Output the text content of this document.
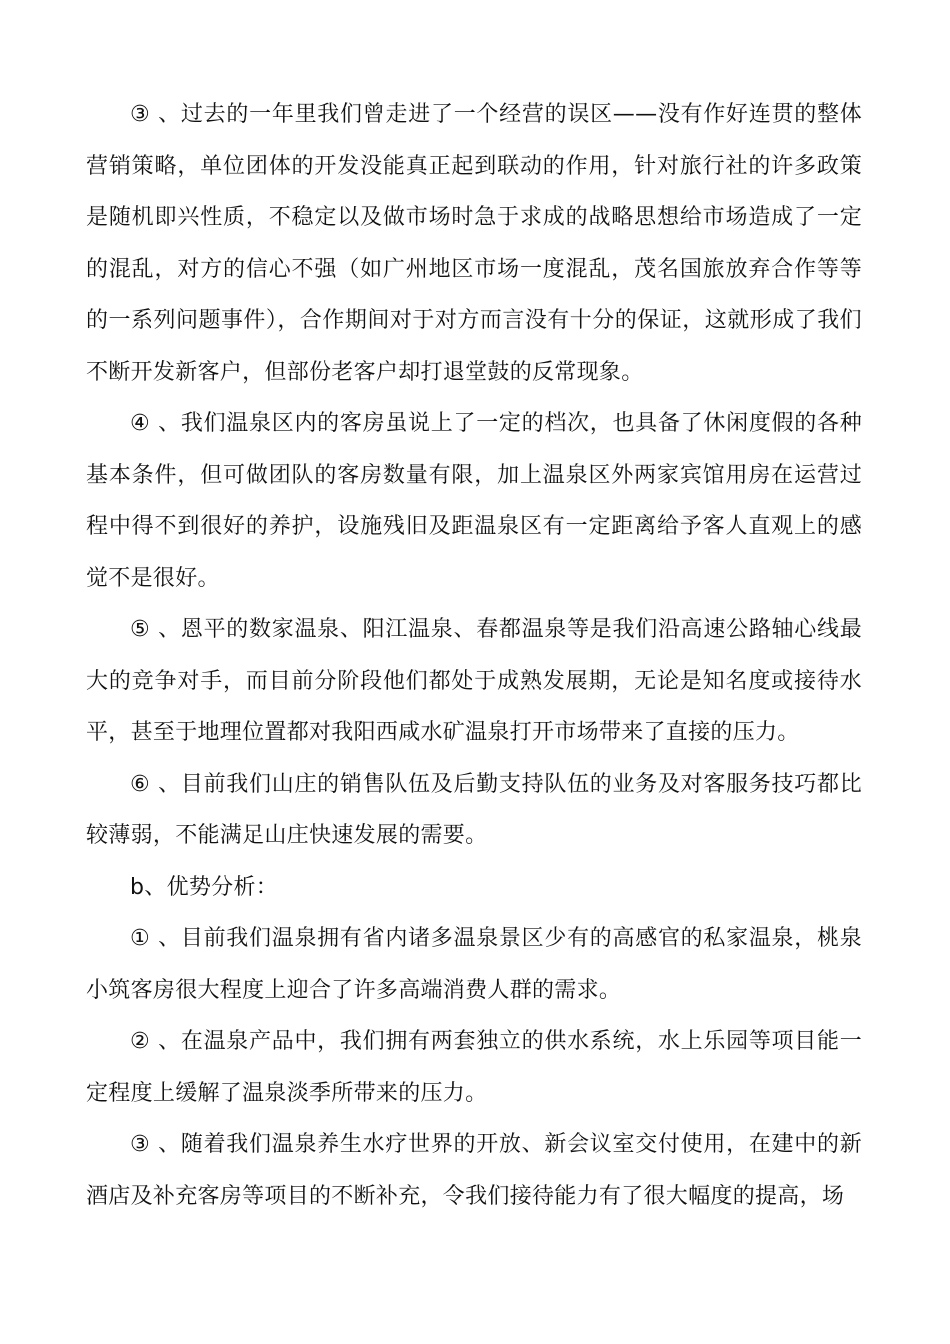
③ 、过去的一年里我们曾走进了一个经营的误区——没有作好连贯的整体营销策略，单位团体的开发没能真正起到联动的作用，针对旅行社的许多政策是随机即兴性质，不稳定以及做市场时急于求成的战略思想给市场造成了一定的混乱，对方的信心不强（如广州地区市场一度混乱，茂名国旅放弃合作等等的一系列问题事件），合作期间对于对方而言没有十分的保证，这就形成了我们不断开发新客户，但部份老客户却打退堂鼓的反常现象。

④ 、我们温泉区内的客房虽说上了一定的档次，也具备了休闲度假的各种基本条件，但可做团队的客房数量有限，加上温泉区外两家宾馆用房在运营过程中得不到很好的养护，设施残旧及距温泉区有一定距离给予客人直观上的感觉不是很好。

⑤ 、恩平的数家温泉、阳江温泉、春都温泉等是我们沿高速公路轴心线最大的竞争对手，而目前分阶段他们都处于成熟发展期，无论是知名度或接待水平，甚至于地理位置都对我阳西咸水矿温泉打开市场带来了直接的压力。

⑥ 、目前我们山庄的销售队伍及后勤支持队伍的业务及对客服务技巧都比较薄弱，不能满足山庄快速发展的需要。

b、优势分析：

① 、目前我们温泉拥有省内诸多温泉景区少有的高感官的私家温泉，桃泉小筑客房很大程度上迎合了许多高端消费人群的需求。

② 、在温泉产品中，我们拥有两套独立的供水系统，水上乐园等项目能一定程度上缓解了温泉淡季所带来的压力。

③ 、随着我们温泉养生水疗世界的开放、新会议室交付使用，在建中的新酒店及补充客房等项目的不断补充，令我们接待能力有了很大幅度的提高，场
